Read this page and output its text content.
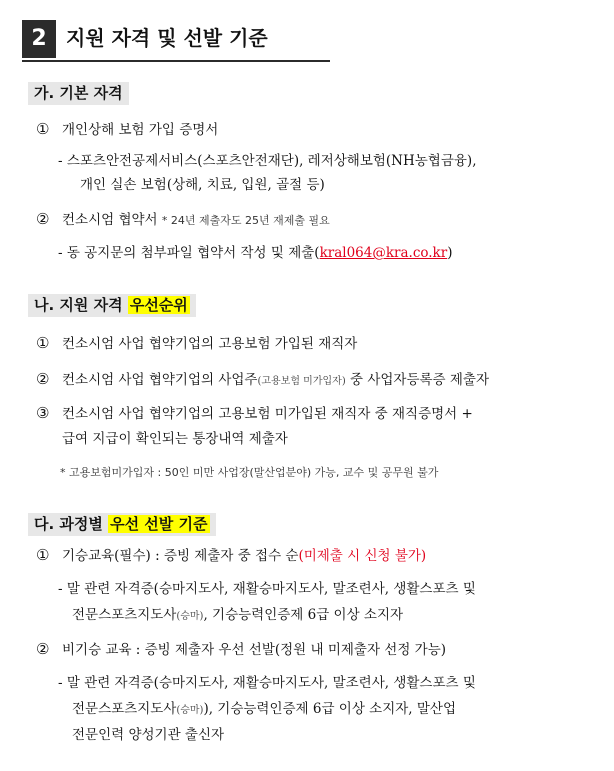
2 지원 자격 및 선발 기준
가. 기본 자격
① 개인상해 보험 가입 증명서
- 스포츠안전공제서비스(스포츠안전재단), 레저상해보험(NH농협금융),
개인 실손 보험(상해, 치료, 입원, 골절 등)
② 컨소시엄 협약서 * 24년 제출자도 25년 재제출 필요
- 동 공지문의 첨부파일 협약서 작성 및 제출(kral064@kra.co.kr)
나. 지원 자격 우선순위
① 컨소시엄 사업 협약기업의 고용보험 가입된 재직자
② 컨소시엄 사업 협약기업의 사업주(고용보험 미가입자) 중 사업자등록증 제출자
③ 컨소시엄 사업 협약기업의 고용보험 미가입된 재직자 중 재직증명서 +
급여 지급이 확인되는 통장내역 제출자
* 고용보험미가입자 : 50인 미만 사업장(말산업분야) 가능, 교수 및 공무원 불가
다. 과정별 우선 선발 기준
① 기승교육(필수) : 증빙 제출자 중 접수 순(미제출 시 신청 불가)
- 말 관련 자격증(승마지도사, 재활승마지도사, 말조련사, 생활스포츠 및
전문스포츠지도사(승마), 기승능력인증제 6급 이상 소지자
② 비기승 교육 : 증빙 제출자 우선 선발(정원 내 미제출자 선정 가능)
- 말 관련 자격증(승마지도사, 재활승마지도사, 말조련사, 생활스포츠 및
전문스포츠지도사(승마)), 기승능력인증제 6급 이상 소지자, 말산업
전문인력 양성기관 출신자
